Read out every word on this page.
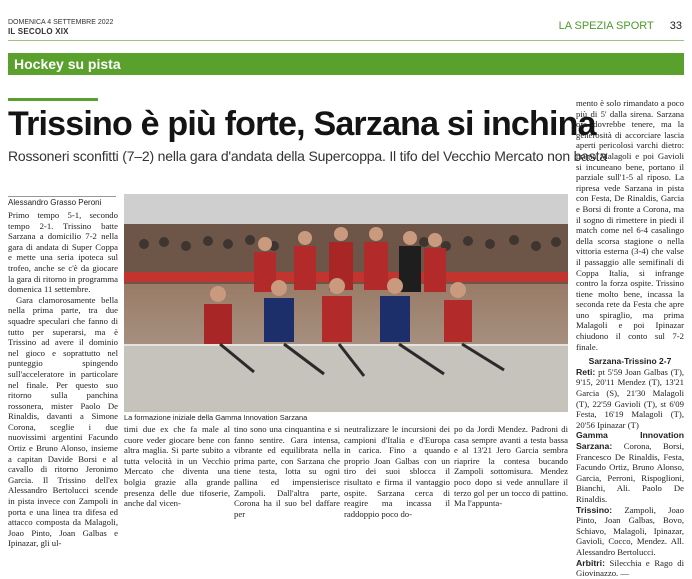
DOMENICA 4 SETTEMBRE 2022
IL SECOLO XIX	LA SPEZIA SPORT 33
Hockey su pista
Trissino è più forte, Sarzana si inchina
Rossoneri sconfitti (7–2) nella gara d'andata della Supercoppa. Il tifo del Vecchio Mercato non basta
Alessandro Grasso Peroni

Primo tempo 5-1, secondo tempo 2-1. Trissino batte Sarzana a domicilio 7-2 nella gara di andata di Super Coppa e mette una seria ipoteca sul trofeo, anche se c'è da giocare la gara di ritorno in programma domenica 11 settembre.

Gara clamorosamente bella nella prima parte, tra due squadre speculari che fanno di tutto per superarsi, ma è Trissino ad avere il dominio nel gioco e soprattutto nel punteggio spingendo sull'acceleratore in particolare nel finale. Per questo suo ritorno sulla panchina rossonera, mister Paolo De Rinaldis, davanti a Simone Corona, sceglie i due nuovissimi argentini Facundo Ortiz e Bruno Alonso, insieme a capitan Davide Borsi e al cavallo di ritorno Jeronimo Garcia. Il Trissino dell'ex Alessandro Bertolucci scende in pista invece con Zampoli in porta e una linea tra difesa ed attacco composta da Malagoli, Joao Pinto, Joan Galbas e Ipinazar, gli ul-

La formazione iniziale della Gamma Innovation Sarzana

timi due ex che fa male al cuore veder giocare bene con altra maglia. Si parte subito a tutta velocità in un Vecchio Mercato che diventa una bolgia grazie alla grande presenza delle due tifoserie, anche dal vicen-

tino sono una cinquantina e si fanno sentire. Gara intensa, vibrante ed equilibrata nella prima parte, con Sarzana che tiene testa, lotta su ogni pallina ed impensierisce Zampoli. Dall'altra parte, Corona ha il suo bel daffare per

neutralizzare le incursioni dei campioni d'Italia e d'Europa in carica. Fino a quando proprio Joan Galbas con un tiro dei suoi sblocca il risultato e firma il vantaggio ospite. Sarzana cerca di reagire ma incassa il raddoppio poco do-

po da Jordi Mendez. Padroni di casa sempre avanti a testa bassa e al 13'21 Jero Garcia sembra riaprire la contesa bucando Zampoli sottomisura. Mendez poco dopo si vede annullare il terzo gol per un tocco di pattino. Ma l'appunta-

mento è solo rimandato a poco più di 5' dalla sirena. Sarzana ora dovrebbe tenere, ma la generosità di accorciare lascia aperti pericolosi varchi dietro: prima Malagoli e poi Gavioli si incuneano bene, portano il parziale sull'1-5 al riposo. La ripresa vede Sarzana in pista con Festa, De Rinaldis, Garcia e Borsi di fronte a Corona, ma il sogno di rimettere in piedi il match come nel 6-4 casalingo della scorsa stagione o nella vittoria esterna (3-4) che valse il passaggio alle semifinali di Coppa Italia, si infrange contro la forza ospite. Trissino tiene molto bene, incassa la seconda rete da Festa che apre uno spiraglio, ma prima Malagoli e poi Ipinazar chiudono il conto sul 7-2 finale.

Sarzana-Trissino 2-7

Reti: pt 5'59 Joan Galbas (T), 9'15, 20'11 Mendez (T), 13'21 Garcia (S), 21'30 Malagoli (T), 22'59 Gavioli (T), st 6'09 Festa, 16'19 Malagoli (T), 20'56 Ipinazar (T)

Gamma Innovation Sarzana: Corona, Borsi, Francesco De Rinaldis, Festa, Facundo Ortiz, Bruno Alonso, Garcia, Perroni, Rispoglioni, Bianchi, Ali. Paolo De Rinaldis.

Trissino: Zampoli, Joao Pinto, Joan Galbas, Bovo, Schiavo, Malagoli, Ipinazar, Gavioli, Cocco, Mendez. All. Alessandro Bertolucci.

Arbitri: Silecchia e Rago di Giovinazzo. —
